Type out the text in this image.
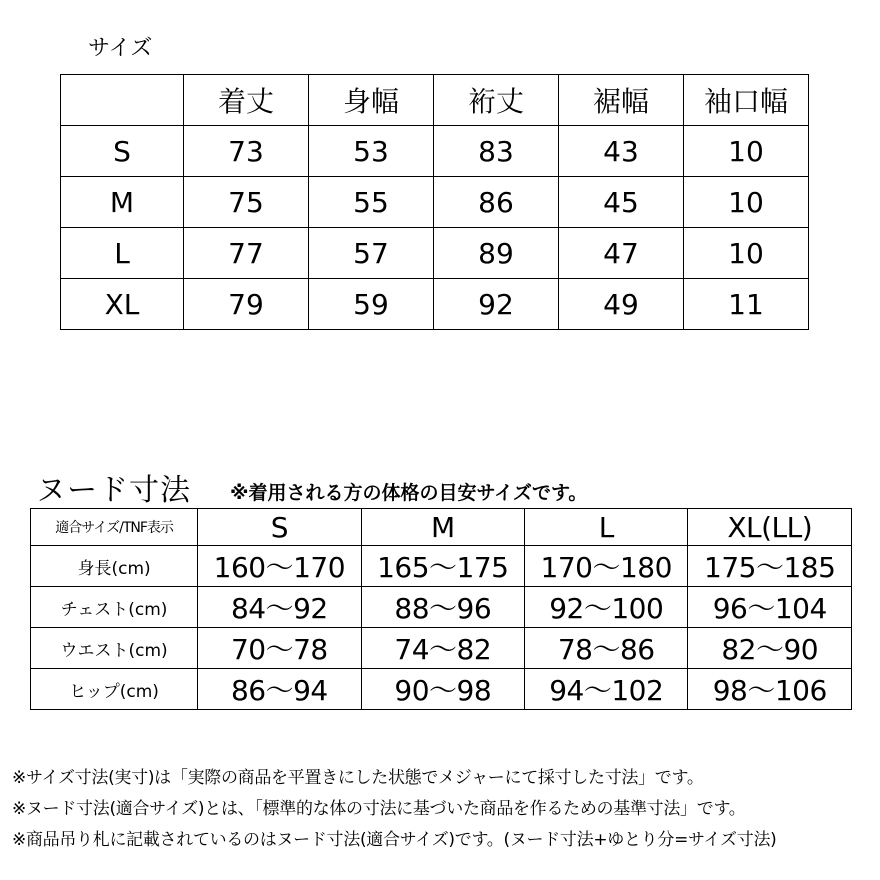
サイズ
	着丈	身幅	裄丈	裾幅	袖口幅
S	73	53	83	43	10
M	75	55	86	45	10
L	77	57	89	47	10
XL	79	59	92	49	11
ヌード寸法 ※着用される方の体格の目安サイズです。
適合サイズ/TNF表示	S	M	L	XL(LL)
身長(cm)	160〜170	165〜175	170〜180	175〜185
チェスト(cm)	84〜92	88〜96	92〜100	96〜104
ウエスト(cm)	70〜78	74〜82	78〜86	82〜90
ヒップ(cm)	86〜94	90〜98	94〜102	98〜106
※サイズ寸法(実寸)は「実際の商品を平置きにした状態でメジャーにて採寸した寸法」です。
※ヌード寸法(適合サイズ)とは、「標準的な体の寸法に基づいた商品を作るための基準寸法」です。
※商品吊り札に記載されているのはヌード寸法(適合サイズ)です。(ヌード寸法+ゆとり分=サイズ寸法)
